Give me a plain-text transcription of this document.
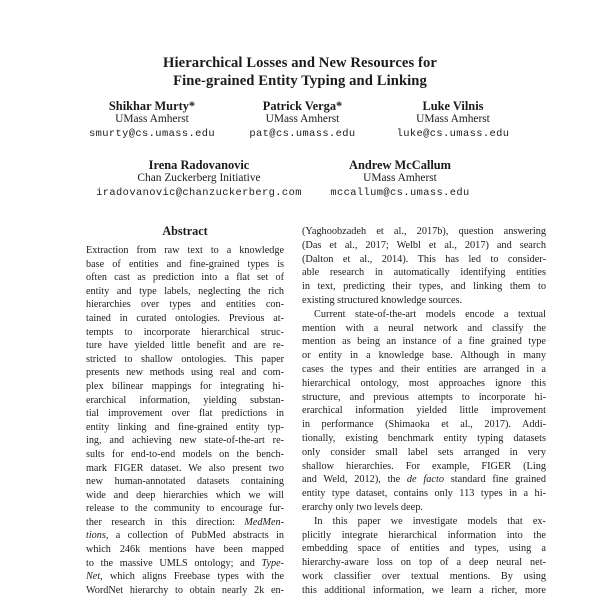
Hierarchical Losses and New Resources for
Fine-grained Entity Typing and Linking
Shikhar Murty*
UMass Amherst
smurty@cs.umass.edu
Patrick Verga*
UMass Amherst
pat@cs.umass.edu
Luke Vilnis
UMass Amherst
luke@cs.umass.edu
Irena Radovanovic
Chan Zuckerberg Initiative
iradovanovic@chanzuckerberg.com
Andrew McCallum
UMass Amherst
mccallum@cs.umass.edu
Abstract
Extraction from raw text to a knowledge
base of entities and fine-grained types is
often cast as prediction into a flat set of
entity and type labels, neglecting the rich
hierarchies over types and entities con-
tained in curated ontologies. Previous at-
tempts to incorporate hierarchical struc-
ture have yielded little benefit and are re-
stricted to shallow ontologies. This paper
presents new methods using real and com-
plex bilinear mappings for integrating hi-
erarchical information, yielding substan-
tial improvement over flat predictions in
entity linking and fine-grained entity typ-
ing, and achieving new state-of-the-art re-
sults for end-to-end models on the bench-
mark FIGER dataset. We also present two
new human-annotated datasets containing
wide and deep hierarchies which we will
release to the community to encourage fur-
ther research in this direction: MedMen-
tions, a collection of PubMed abstracts in
which 246k mentions have been mapped
to the massive UMLS ontology; and Type-
Net, which aligns Freebase types with the
WordNet hierarchy to obtain nearly 2k en-
(Yaghoobzadeh et al., 2017b), question answering
(Das et al., 2017; Welbl et al., 2017) and search
(Dalton et al., 2014). This has led to consider-
able research in automatically identifying entities
in text, predicting their types, and linking them to
existing structured knowledge sources.
Current state-of-the-art models encode a textual
mention with a neural network and classify the
mention as being an instance of a fine grained type
or entity in a knowledge base. Although in many
cases the types and their entities are arranged in a
hierarchical ontology, most approaches ignore this
structure, and previous attempts to incorporate hi-
erarchical information yielded little improvement
in performance (Shimaoka et al., 2017). Addi-
tionally, existing benchmark entity typing datasets
only consider small label sets arranged in very
shallow hierarchies. For example, FIGER (Ling
and Weld, 2012), the de facto standard fine grained
entity type dataset, contains only 113 types in a hi-
erarchy only two levels deep.
In this paper we investigate models that ex-
plicitly integrate hierarchical information into the
embedding space of entities and types, using a
hierarchy-aware loss on top of a deep neural net-
work classifier over textual mentions. By using
this additional information, we learn a richer, more
